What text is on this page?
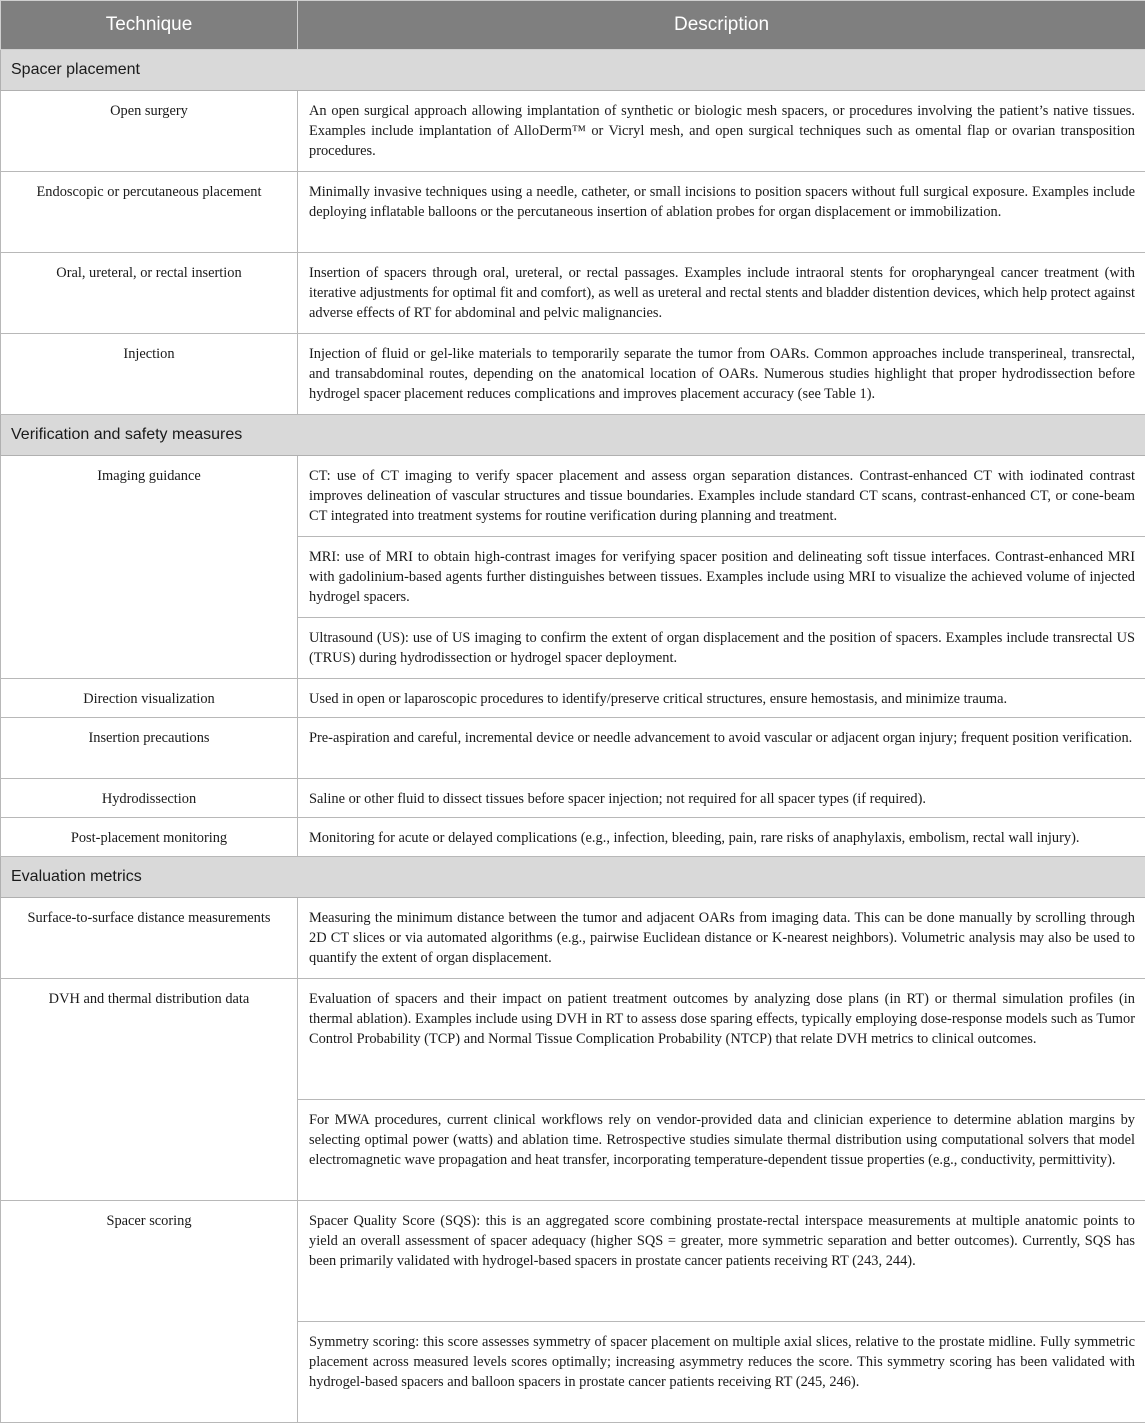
Technique	Description
Spacer placement	
Open surgery	An open surgical approach allowing implantation of synthetic or biologic mesh spacers, or procedures involving the patient’s native tissues. Examples include implantation of AlloDerm™ or Vicryl mesh, and open surgical techniques such as omental flap or ovarian transposition procedures.
Endoscopic or percutaneous placement	Minimally invasive techniques using a needle, catheter, or small incisions to position spacers without full surgical exposure. Examples include deploying inflatable balloons or the percutaneous insertion of ablation probes for organ displacement or immobilization.
Oral, ureteral, or rectal insertion	Insertion of spacers through oral, ureteral, or rectal passages. Examples include intraoral stents for oropharyngeal cancer treatment (with iterative adjustments for optimal fit and comfort), as well as ureteral and rectal stents and bladder distention devices, which help protect against adverse effects of RT for abdominal and pelvic malignancies.
Injection	Injection of fluid or gel-like materials to temporarily separate the tumor from OARs. Common approaches include transperineal, transrectal, and transabdominal routes, depending on the anatomical location of OARs. Numerous studies highlight that proper hydrodissection before hydrogel spacer placement reduces complications and improves placement accuracy (see Table 1).
Verification and safety measures	
Imaging guidance	CT: use of CT imaging to verify spacer placement and assess organ separation distances. Contrast-enhanced CT with iodinated contrast improves delineation of vascular structures and tissue boundaries. Examples include standard CT scans, contrast-enhanced CT, or cone-beam CT integrated into treatment systems for routine verification during planning and treatment.
	MRI: use of MRI to obtain high-contrast images for verifying spacer position and delineating soft tissue interfaces. Contrast-enhanced MRI with gadolinium-based agents further distinguishes between tissues. Examples include using MRI to visualize the achieved volume of injected hydrogel spacers.
	Ultrasound (US): use of US imaging to confirm the extent of organ displacement and the position of spacers. Examples include transrectal US (TRUS) during hydrodissection or hydrogel spacer deployment.
Direction visualization	Used in open or laparoscopic procedures to identify/preserve critical structures, ensure hemostasis, and minimize trauma.
Insertion precautions	Pre-aspiration and careful, incremental device or needle advancement to avoid vascular or adjacent organ injury; frequent position verification.
Hydrodissection	Saline or other fluid to dissect tissues before spacer injection; not required for all spacer types (if required).
Post-placement monitoring	Monitoring for acute or delayed complications (e.g., infection, bleeding, pain, rare risks of anaphylaxis, embolism, rectal wall injury).
Evaluation metrics	
Surface-to-surface distance measurements	Measuring the minimum distance between the tumor and adjacent OARs from imaging data. This can be done manually by scrolling through 2D CT slices or via automated algorithms (e.g., pairwise Euclidean distance or K-nearest neighbors). Volumetric analysis may also be used to quantify the extent of organ displacement.
DVH and thermal distribution data	Evaluation of spacers and their impact on patient treatment outcomes by analyzing dose plans (in RT) or thermal simulation profiles (in thermal ablation). Examples include using DVH in RT to assess dose sparing effects, typically employing dose-response models such as Tumor Control Probability (TCP) and Normal Tissue Complication Probability (NTCP) that relate DVH metrics to clinical outcomes.
	For MWA procedures, current clinical workflows rely on vendor-provided data and clinician experience to determine ablation margins by selecting optimal power (watts) and ablation time. Retrospective studies simulate thermal distribution using computational solvers that model electromagnetic wave propagation and heat transfer, incorporating temperature-dependent tissue properties (e.g., conductivity, permittivity).
Spacer scoring	Spacer Quality Score (SQS): this is an aggregated score combining prostate-rectal interspace measurements at multiple anatomic points to yield an overall assessment of spacer adequacy (higher SQS = greater, more symmetric separation and better outcomes). Currently, SQS has been primarily validated with hydrogel-based spacers in prostate cancer patients receiving RT (243, 244).
	Symmetry scoring: this score assesses symmetry of spacer placement on multiple axial slices, relative to the prostate midline. Fully symmetric placement across measured levels scores optimally; increasing asymmetry reduces the score. This symmetry scoring has been validated with hydrogel-based spacers and balloon spacers in prostate cancer patients receiving RT (245, 246).
